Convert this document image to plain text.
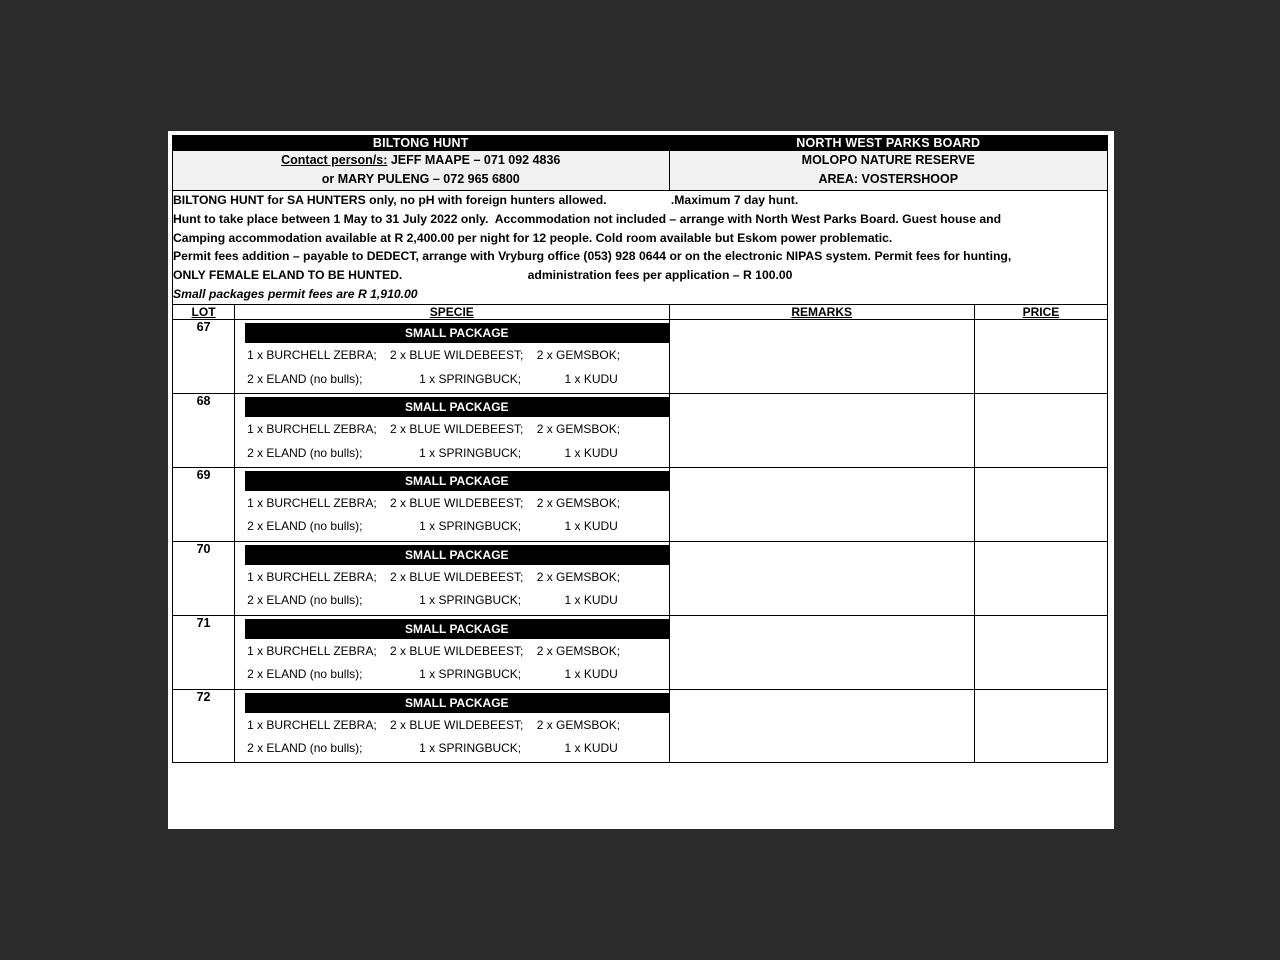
BILTONG HUNT		NORTH WEST PARKS BOARD	

Contact person/s: JEFF MAAPE – 071 092 4836
or MARY PULENG – 072 965 6800

MOLOPO NATURE RESERVE
AREA: VOSTERSHOOP

BILTONG HUNT for SA HUNTERS only, no pH with foreign hunters allowed.                   .Maximum 7 day hunt.
Hunt to take place between 1 May to 31 July 2022 only.  Accommodation not included – arrange with North West Parks Board. Guest house and
Camping accommodation available at R 2,400.00 per night for 12 people. Cold room available but Eskom power problematic.
Permit fees addition – payable to DEDECT, arrange with Vryburg office (053) 928 0644 or on the electronic NIPAS system. Permit fees for hunting,
ONLY FEMALE ELAND TO BE HUNTED.                                     administration fees per application – R 100.00
Small packages permit fees are R 1,910.00

LOT	SPECIE	REMARKS	PRICE
67	SMALL PACKAGE
1 x BURCHELL ZEBRA;    2 x BLUE WILDEBEEST;    2 x GEMSBOK;
2 x ELAND (no bulls);                 1 x SPRINGBUCK;             1 x KUDU		

68	SMALL PACKAGE
1 x BURCHELL ZEBRA;    2 x BLUE WILDEBEEST;    2 x GEMSBOK;
2 x ELAND (no bulls);                 1 x SPRINGBUCK;             1 x KUDU		

69	SMALL PACKAGE
1 x BURCHELL ZEBRA;    2 x BLUE WILDEBEEST;    2 x GEMSBOK;
2 x ELAND (no bulls);                 1 x SPRINGBUCK;             1 x KUDU		

70	SMALL PACKAGE
1 x BURCHELL ZEBRA;    2 x BLUE WILDEBEEST;    2 x GEMSBOK;
2 x ELAND (no bulls);                 1 x SPRINGBUCK;             1 x KUDU		

71	SMALL PACKAGE
1 x BURCHELL ZEBRA;    2 x BLUE WILDEBEEST;    2 x GEMSBOK;
2 x ELAND (no bulls);                 1 x SPRINGBUCK;             1 x KUDU		

72	SMALL PACKAGE
1 x BURCHELL ZEBRA;    2 x BLUE WILDEBEEST;    2 x GEMSBOK;
2 x ELAND (no bulls);                 1 x SPRINGBUCK;             1 x KUDU		
